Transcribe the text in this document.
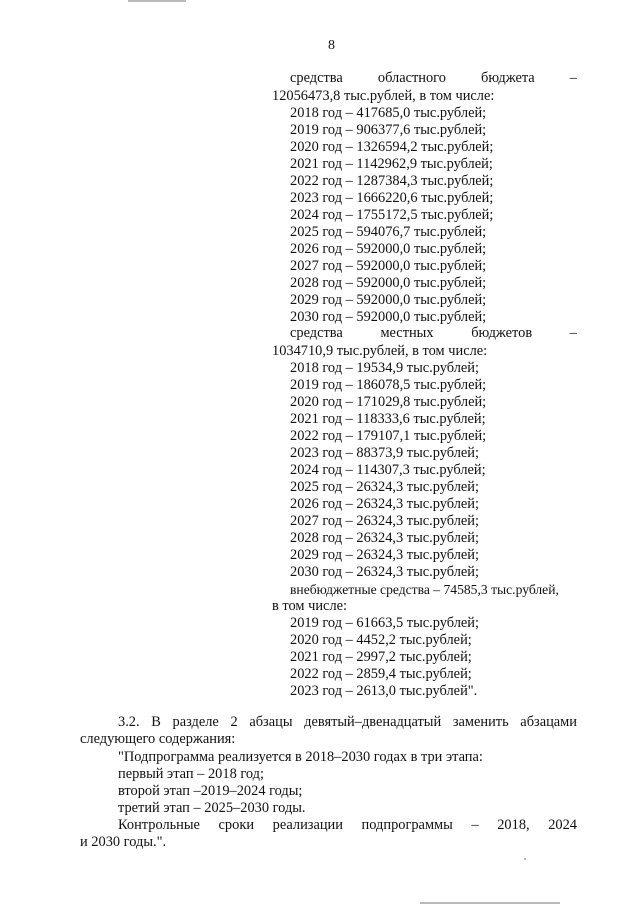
8
средства областного бюджета –
12056473,8 тыс.рублей, в том числе:
2018 год – 417685,0 тыс.рублей;
2019 год – 906377,6 тыс.рублей;
2020 год – 1326594,2 тыс.рублей;
2021 год – 1142962,9 тыс.рублей;
2022 год – 1287384,3 тыс.рублей;
2023 год – 1666220,6 тыс.рублей;
2024 год – 1755172,5 тыс.рублей;
2025 год – 594076,7 тыс.рублей;
2026 год – 592000,0 тыс.рублей;
2027 год – 592000,0 тыс.рублей;
2028 год – 592000,0 тыс.рублей;
2029 год – 592000,0 тыс.рублей;
2030 год – 592000,0 тыс.рублей;
средства местных бюджетов –
1034710,9 тыс.рублей, в том числе:
2018 год – 19534,9 тыс.рублей;
2019 год – 186078,5 тыс.рублей;
2020 год – 171029,8 тыс.рублей;
2021 год – 118333,6 тыс.рублей;
2022 год – 179107,1 тыс.рублей;
2023 год – 88373,9 тыс.рублей;
2024 год – 114307,3 тыс.рублей;
2025 год – 26324,3 тыс.рублей;
2026 год – 26324,3 тыс.рублей;
2027 год – 26324,3 тыс.рублей;
2028 год – 26324,3 тыс.рублей;
2029 год – 26324,3 тыс.рублей;
2030 год – 26324,3 тыс.рублей;
внебюджетные средства – 74585,3 тыс.рублей,
в том числе:
2019 год – 61663,5 тыс.рублей;
2020 год – 4452,2 тыс.рублей;
2021 год – 2997,2 тыс.рублей;
2022 год – 2859,4 тыс.рублей;
2023 год – 2613,0 тыс.рублей".
3.2. В разделе 2 абзацы девятый–двенадцатый заменить абзацами
следующего содержания:
"Подпрограмма реализуется в 2018–2030 годах в три этапа:
первый этап – 2018 год;
второй этап –2019–2024 годы;
третий этап – 2025–2030 годы.
Контрольные сроки реализации подпрограммы – 2018, 2024
и 2030 годы.".
